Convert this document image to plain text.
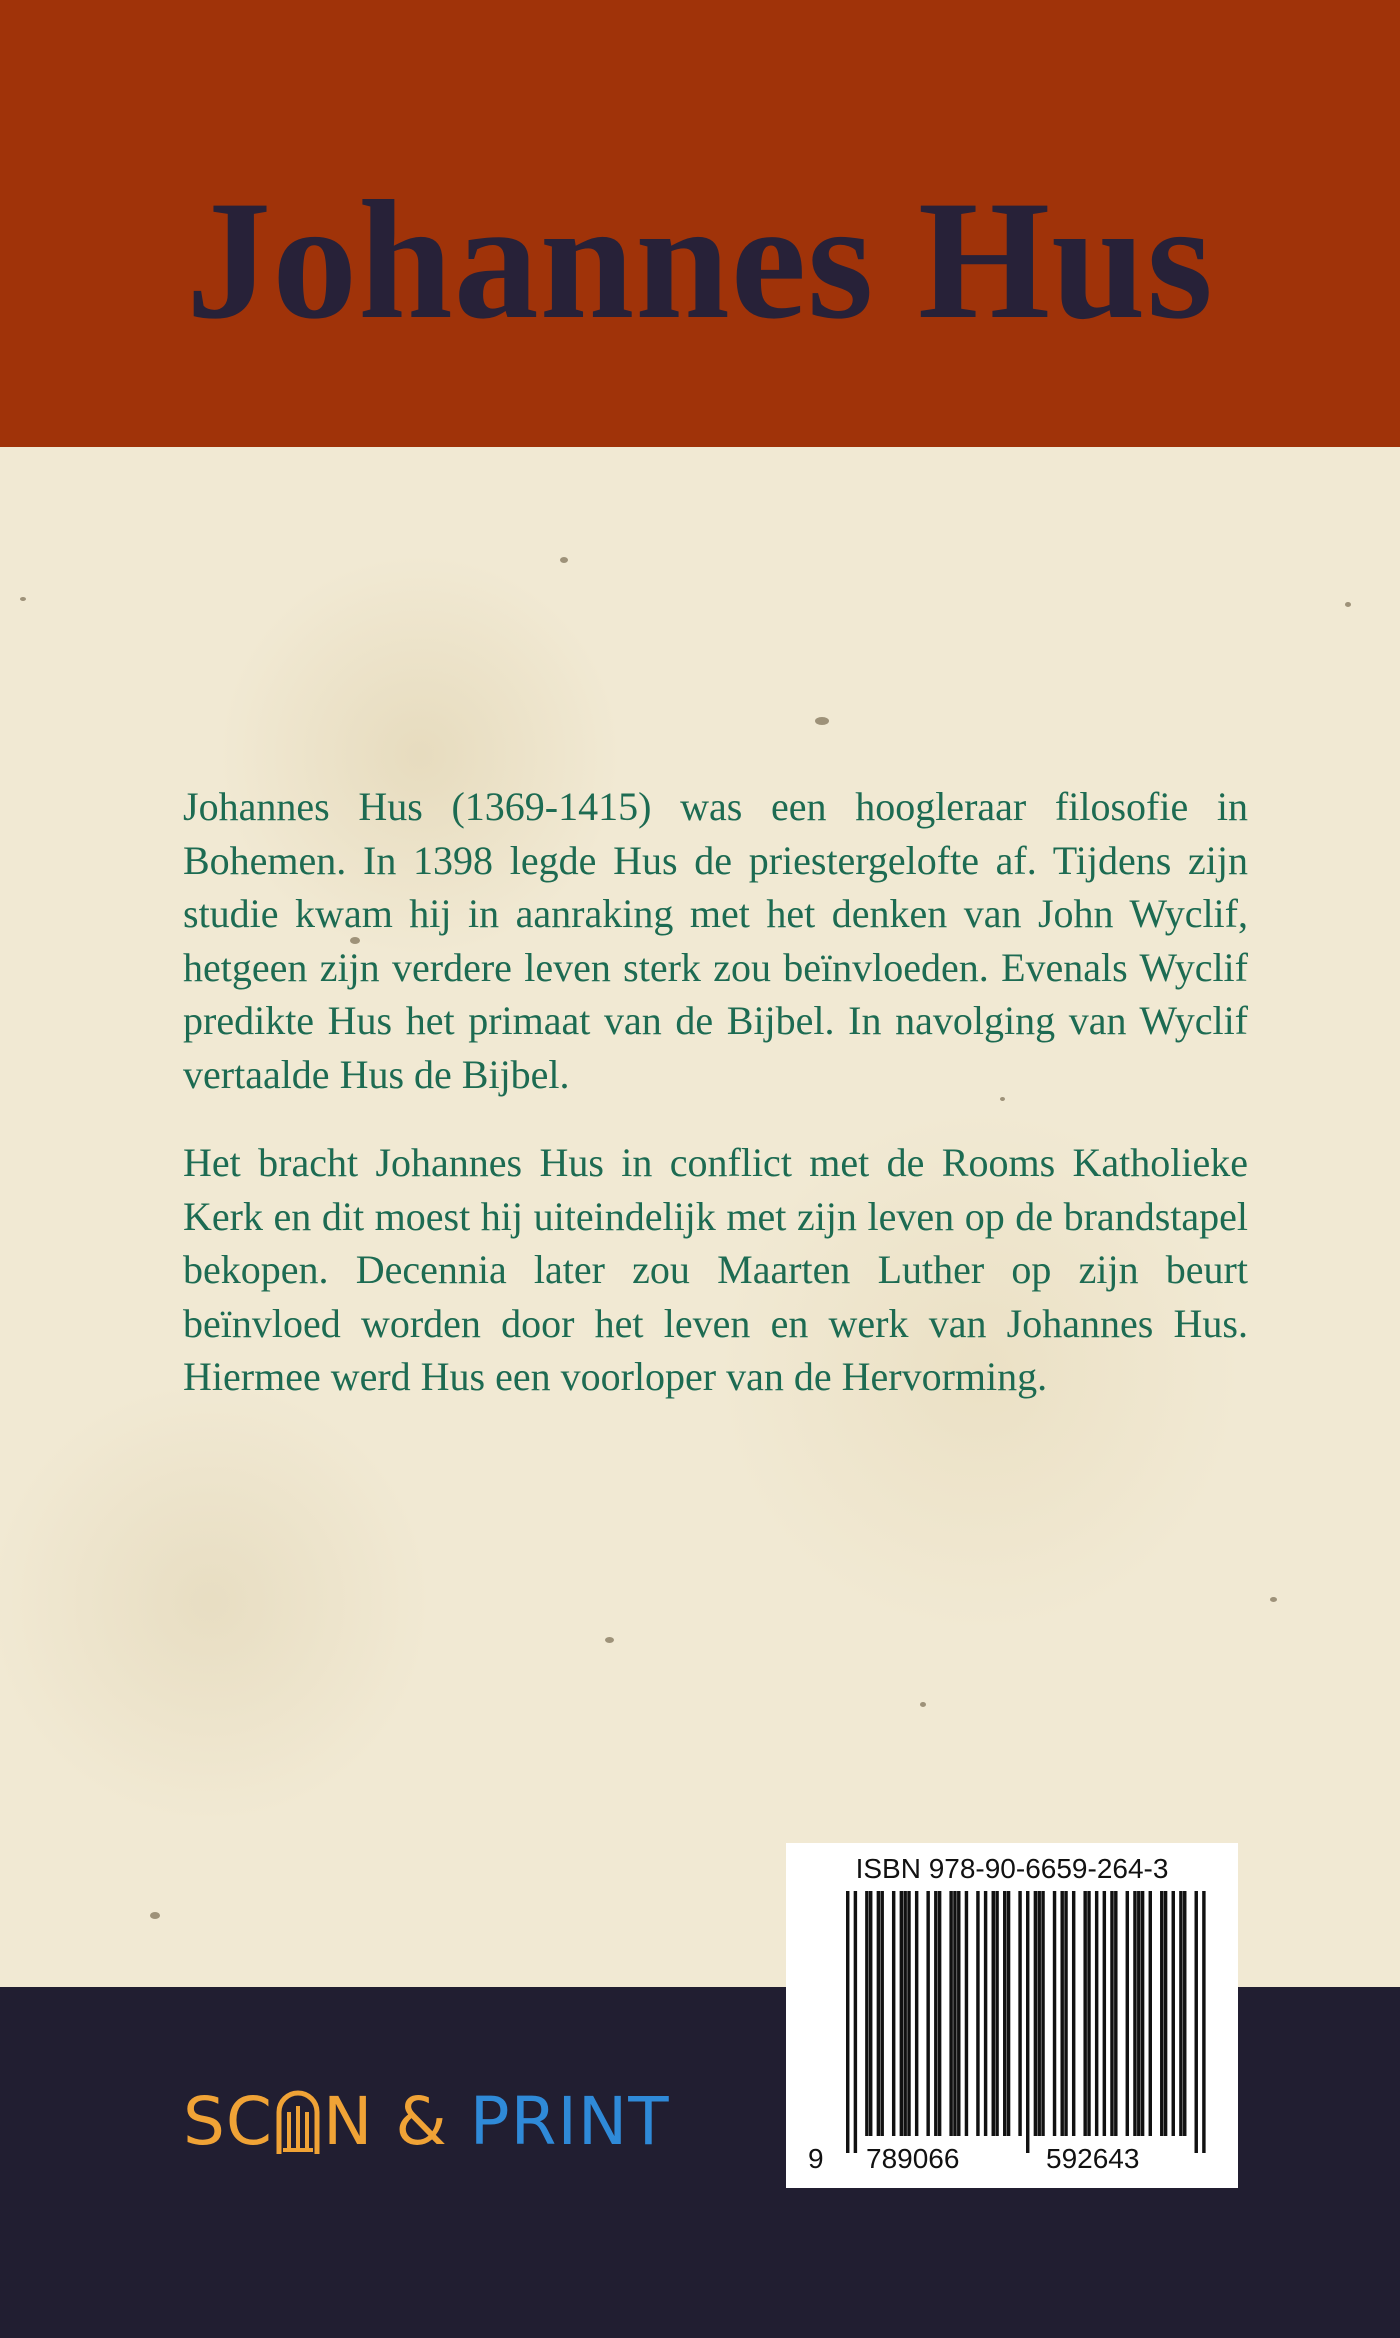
Johannes Hus

Johannes Hus (1369-1415) was een hoogleraar filosofie in Bohemen. In 1398 legde Hus de priestergelofte af. Tijdens zijn studie kwam hij in aanraking met het denken van John Wyclif, hetgeen zijn verdere leven sterk zou beïnvloeden. Evenals Wyclif predikte Hus het primaat van de Bijbel. In navolging van Wyclif vertaalde Hus de Bijbel.

Het bracht Johannes Hus in conflict met de Rooms Katholieke Kerk en dit moest hij uiteindelijk met zijn leven op de brandstapel bekopen. Decennia later zou Maarten Luther op zijn beurt beïnvloed worden door het leven en werk van Johannes Hus. Hiermee werd Hus een voorloper van de Hervorming.

SC N & PRINT
ISBN 978-90-6659-264-3
9 789066	592643
